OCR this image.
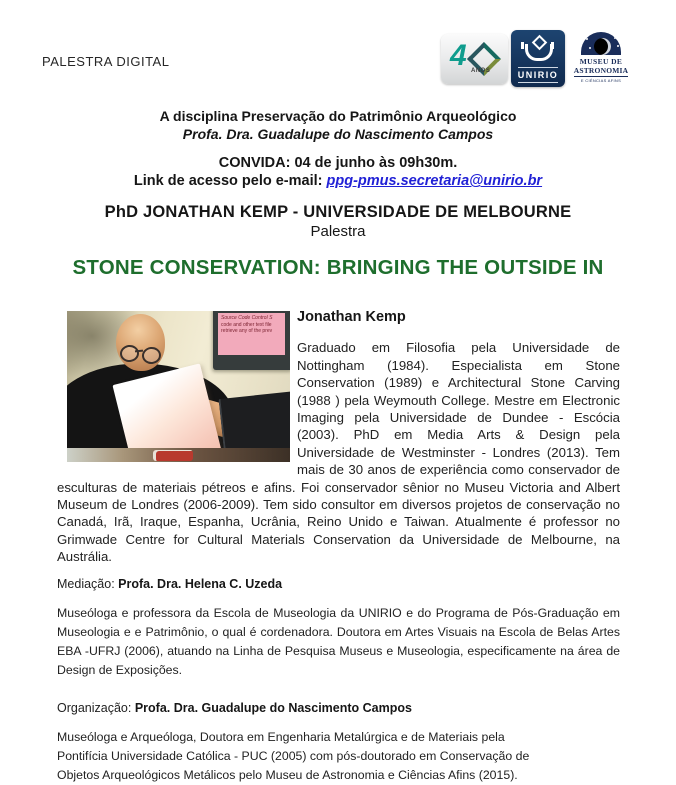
PALESTRA DIGITAL	4 ANOS	UNIRIO
MUSEU DE
ASTRONOMIA
E CIÊNCIAS AFINS
A disciplina Preservação do Patrimônio Arqueológico
Profa. Dra. Guadalupe do Nascimento Campos
CONVIDA: 04 de junho às 09h30m.
Link de acesso pelo e-mail: ppg-pmus.secretaria@unirio.br
PhD JONATHAN KEMP - UNIVERSIDADE DE MELBOURNE
Palestra
STONE CONSERVATION: BRINGING THE OUTSIDE IN
Source Code Control S
code and other text file
retrieve any of the prev
Jonathan Kemp

Graduado em Filosofia pela Universidade de Nottingham (1984). Especialista em Stone Conservation (1989) e Architectural Stone Carving (1988 ) pela Weymouth College. Mestre em Electronic Imaging pela Universidade de Dundee - Escócia (2003). PhD em Media Arts & Design pela Universidade de Westminster - Londres (2013). Tem mais de 30 anos de experiência como conservador de esculturas de materiais pétreos e afins. Foi conservador sênior no Museu Victoria and Albert Museum de Londres (2006-2009). Tem sido consultor em diversos projetos de conservação no Canadá, Irã, Iraque, Espanha, Ucrânia, Reino Unido e Taiwan. Atualmente é professor no Grimwade Centre for Cultural Materials Conservation da Universidade de Melbourne, na Austrália.

Mediação: Profa. Dra. Helena C. Uzeda

Museóloga e professora da Escola de Museologia da UNIRIO e do Programa de Pós-Graduação em Museologia e e Patrimônio, o qual é cordenadora. Doutora em Artes Visuais na Escola de Belas Artes EBA -UFRJ (2006), atuando na Linha de Pesquisa Museus e Museologia, especificamente na área de Design de Exposições.

Organização: Profa. Dra. Guadalupe do Nascimento Campos

Museóloga e Arqueóloga, Doutora em Engenharia Metalúrgica e de Materiais pela Pontifícia Universidade Católica - PUC (2005) com pós-doutorado em Conservação de Objetos Arqueológicos Metálicos pelo Museu de Astronomia e Ciências Afins (2015).
